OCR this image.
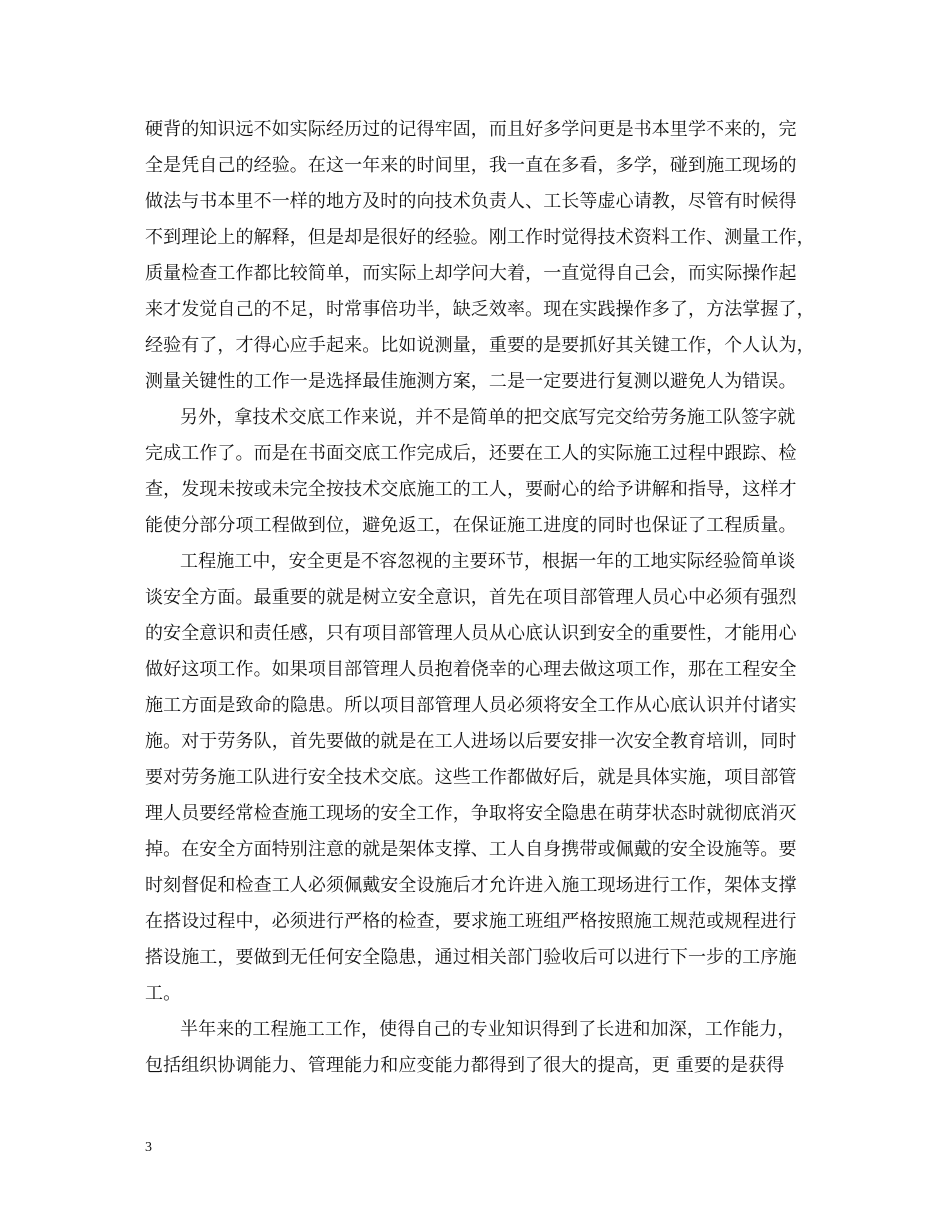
硬背的知识远不如实际经历过的记得牢固，而且好多学问更是书本里学不来的，完
全是凭自己的经验。在这一年来的时间里，我一直在多看，多学，碰到施工现场的
做法与书本里不一样的地方及时的向技术负责人、工长等虚心请教，尽管有时候得
不到理论上的解释，但是却是很好的经验。刚工作时觉得技术资料工作、测量工作，
质量检查工作都比较简单，而实际上却学问大着，一直觉得自己会，而实际操作起
来才发觉自己的不足，时常事倍功半，缺乏效率。现在实践操作多了，方法掌握了，
经验有了，才得心应手起来。比如说测量，重要的是要抓好其关键工作，个人认为，
测量关键性的工作一是选择最佳施测方案，二是一定要进行复测以避免人为错误。
另外，拿技术交底工作来说，并不是简单的把交底写完交给劳务施工队签字就
完成工作了。而是在书面交底工作完成后，还要在工人的实际施工过程中跟踪、检
查，发现未按或未完全按技术交底施工的工人，要耐心的给予讲解和指导，这样才
能使分部分项工程做到位，避免返工，在保证施工进度的同时也保证了工程质量。
工程施工中，安全更是不容忽视的主要环节，根据一年的工地实际经验简单谈
谈安全方面。最重要的就是树立安全意识，首先在项目部管理人员心中必须有强烈
的安全意识和责任感，只有项目部管理人员从心底认识到安全的重要性，才能用心
做好这项工作。如果项目部管理人员抱着侥幸的心理去做这项工作，那在工程安全
施工方面是致命的隐患。所以项目部管理人员必须将安全工作从心底认识并付诸实
施。对于劳务队，首先要做的就是在工人进场以后要安排一次安全教育培训，同时
要对劳务施工队进行安全技术交底。这些工作都做好后，就是具体实施，项目部管
理人员要经常检查施工现场的安全工作，争取将安全隐患在萌芽状态时就彻底消灭
掉。在安全方面特别注意的就是架体支撑、工人自身携带或佩戴的安全设施等。要
时刻督促和检查工人必须佩戴安全设施后才允许进入施工现场进行工作，架体支撑
在搭设过程中，必须进行严格的检查，要求施工班组严格按照施工规范或规程进行
搭设施工，要做到无任何安全隐患，通过相关部门验收后可以进行下一步的工序施
工。
半年来的工程施工工作，使得自己的专业知识得到了长进和加深，工作能力，
包括组织协调能力、管理能力和应变能力都得到了很大的提高，更 重要的是获得
3
